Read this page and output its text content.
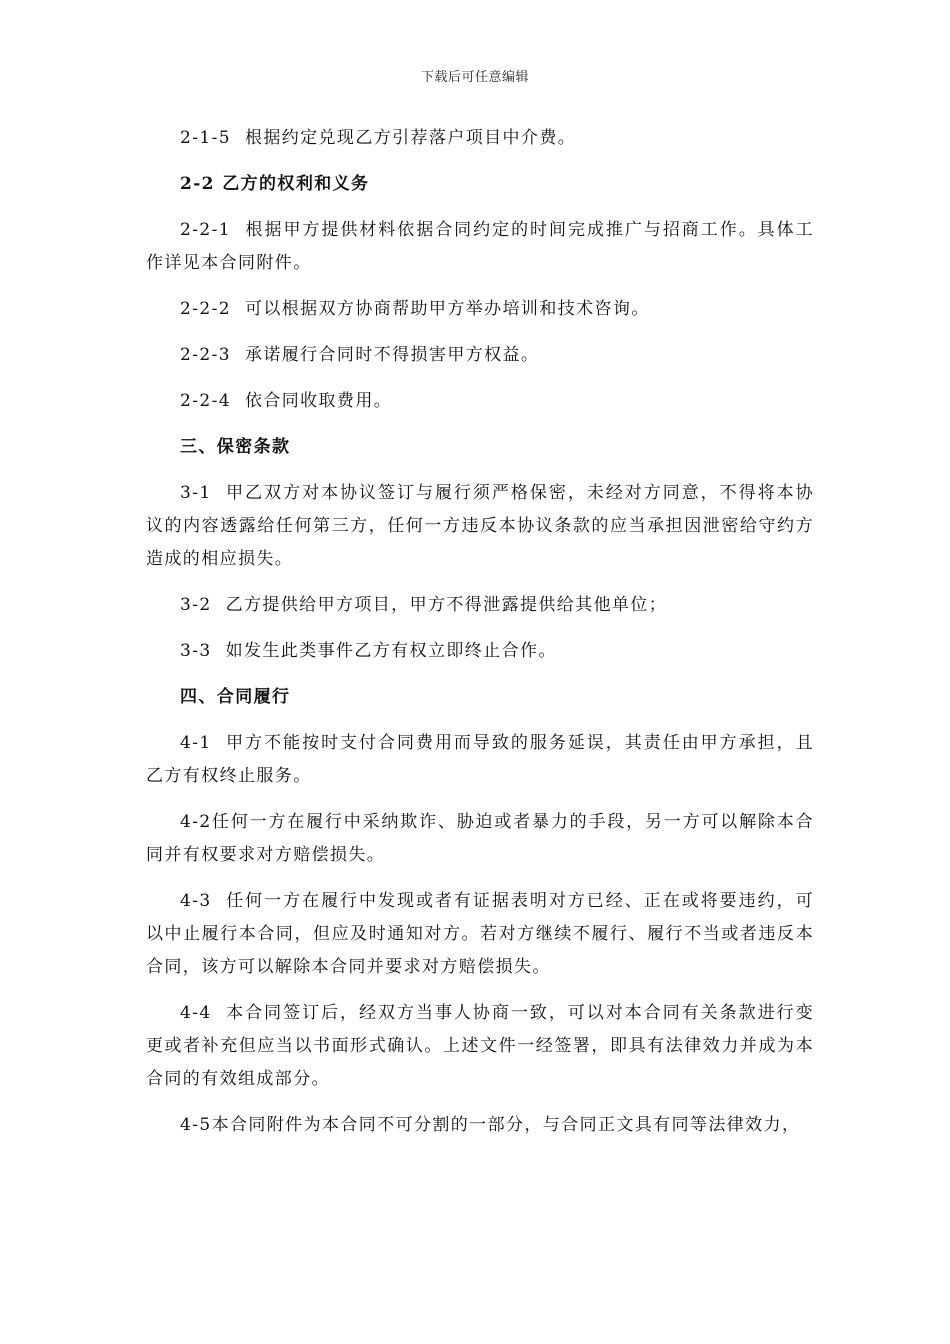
下载后可任意编辑

2-1-5 根据约定兑现乙方引荐落户项目中介费。

2-2 乙方的权利和义务

2-2-1 根据甲方提供材料依据合同约定的时间完成推广与招商工作。具体工作详见本合同附件。

2-2-2 可以根据双方协商帮助甲方举办培训和技术咨询。

2-2-3 承诺履行合同时不得损害甲方权益。

2-2-4 依合同收取费用。

三、保密条款

3-1 甲乙双方对本协议签订与履行须严格保密，未经对方同意，不得将本协议的内容透露给任何第三方，任何一方违反本协议条款的应当承担因泄密给守约方造成的相应损失。

3-2 乙方提供给甲方项目，甲方不得泄露提供给其他单位；

3-3 如发生此类事件乙方有权立即终止合作。

四、合同履行

4-1 甲方不能按时支付合同费用而导致的服务延误，其责任由甲方承担，且乙方有权终止服务。

4-2任何一方在履行中采纳欺诈、胁迫或者暴力的手段，另一方可以解除本合同并有权要求对方赔偿损失。

4-3 任何一方在履行中发现或者有证据表明对方已经、正在或将要违约，可以中止履行本合同，但应及时通知对方。若对方继续不履行、履行不当或者违反本合同，该方可以解除本合同并要求对方赔偿损失。

4-4 本合同签订后，经双方当事人协商一致，可以对本合同有关条款进行变更或者补充但应当以书面形式确认。上述文件一经签署，即具有法律效力并成为本合同的有效组成部分。

4-5本合同附件为本合同不可分割的一部分，与合同正文具有同等法律效力，
